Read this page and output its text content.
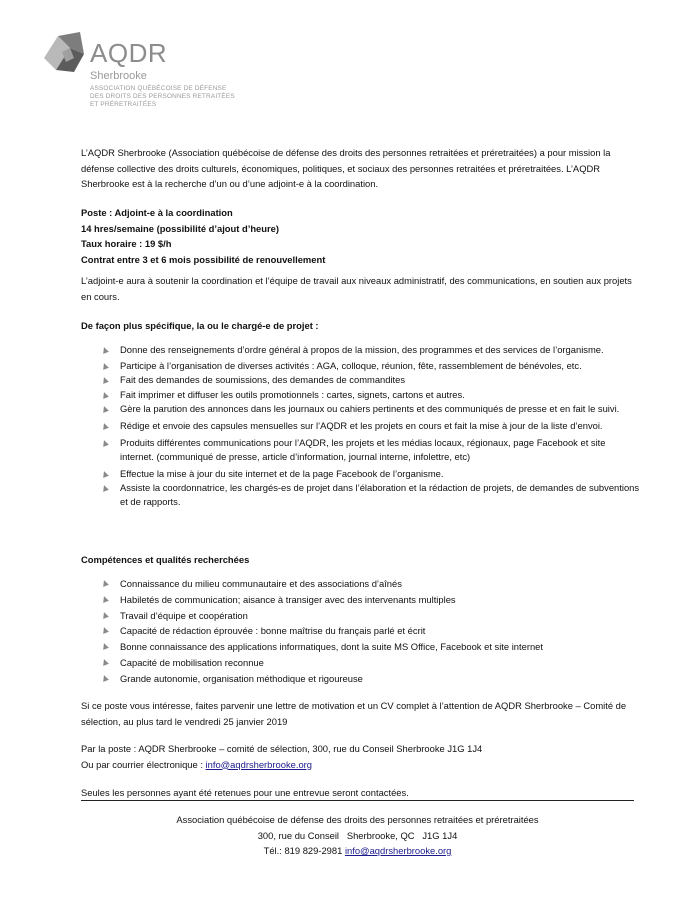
AQDR
Sherbrooke
ASSOCIATION QUÉBÉCOISE DE DÉFENSE
DES DROITS DES PERSONNES RETRAITÉES
ET PRÉRETRAITÉES

L’AQDR Sherbrooke (Association québécoise de défense des droits des personnes retraitées et préretraitées) a pour mission la défense collective des droits culturels, économiques, politiques, et sociaux des personnes retraitées et préretraitées. L’AQDR Sherbrooke est à la recherche d’un ou d’une adjoint-e à la coordination.

Poste : Adjoint-e à la coordination
14 hres/semaine (possibilité d’ajout d’heure)
Taux horaire : 19 $/h
Contrat entre 3 et 6 mois possibilité de renouvellement

L’adjoint-e aura à soutenir la coordination et l’équipe de travail aux niveaux administratif, des communications, en soutien aux projets en cours.

De façon plus spécifique, la ou le chargé-e de projet :

Donne des renseignements d’ordre général à propos de la mission, des programmes et des services de l’organisme.
Participe à l’organisation de diverses activités : AGA, colloque, réunion, fête, rassemblement de bénévoles, etc.
Fait des demandes de soumissions, des demandes de commandites
Fait imprimer et diffuser les outils promotionnels : cartes, signets, cartons et autres.
Gère la parution des annonces dans les journaux ou cahiers pertinents et des communiqués de presse et en fait le suivi.
Rédige et envoie des capsules mensuelles sur l’AQDR et les projets en cours et fait la mise à jour de la liste d’envoi.
Produits différentes communications pour l’AQDR, les projets et les médias locaux, régionaux, page Facebook et site internet. (communiqué de presse, article d’information, journal interne, infolettre, etc)
Effectue la mise à jour du site internet et de la page Facebook de l’organisme.
Assiste la coordonnatrice, les chargés-es de projet dans l’élaboration et la rédaction de projets, de demandes de subventions et de rapports.

Compétences et qualités recherchées

Connaissance du milieu communautaire et des associations d’aînés
Habiletés de communication; aisance à transiger avec des intervenants multiples
Travail d’équipe et coopération
Capacité de rédaction éprouvée : bonne maîtrise du français parlé et écrit
Bonne connaissance des applications informatiques, dont la suite MS Office, Facebook et site internet
Capacité de mobilisation reconnue
Grande autonomie, organisation méthodique et rigoureuse

Si ce poste vous intéresse, faites parvenir une lettre de motivation et un CV complet à l’attention de AQDR Sherbrooke – Comité de sélection, au plus tard le vendredi 25 janvier 2019

Par la poste : AQDR Sherbrooke – comité de sélection, 300, rue du Conseil Sherbrooke J1G 1J4
Ou par courrier électronique : info@aqdrsherbrooke.org

Seules les personnes ayant été retenues pour une entrevue seront contactées.

Association québécoise de défense des droits des personnes retraitées et préretraitées
300, rue du Conseil   Sherbrooke, QC   J1G 1J4
Tél.: 819 829-2981 info@aqdrsherbrooke.org
